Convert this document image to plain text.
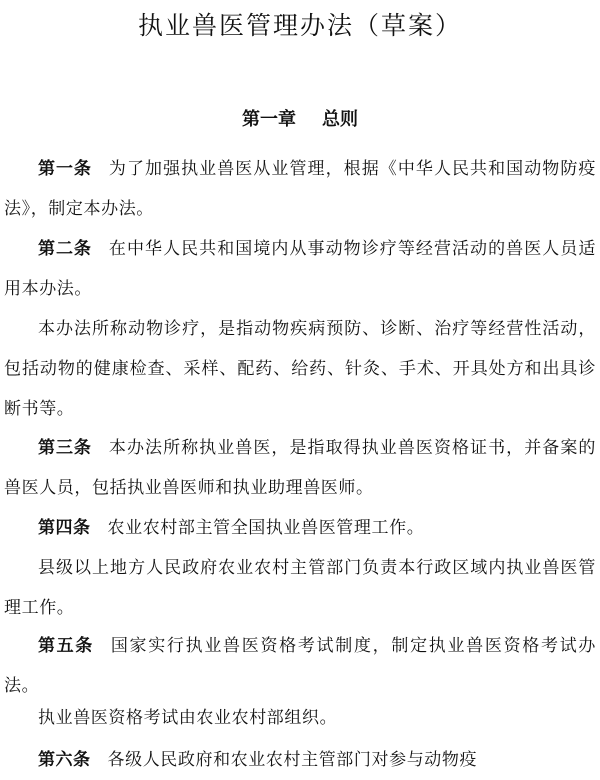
执业兽医管理办法（草案）
第一章 总则

第一条 为了加强执业兽医从业管理，根据《中华人民共和国动物防疫法》，制定本办法。

第二条 在中华人民共和国境内从事动物诊疗等经营活动的兽医人员适用本办法。

本办法所称动物诊疗，是指动物疾病预防、诊断、治疗等经营性活动，包括动物的健康检查、采样、配药、给药、针灸、手术、开具处方和出具诊断书等。

第三条 本办法所称执业兽医，是指取得执业兽医资格证书，并备案的兽医人员，包括执业兽医师和执业助理兽医师。

第四条 农业农村部主管全国执业兽医管理工作。

县级以上地方人民政府农业农村主管部门负责本行政区域内执业兽医管理工作。

第五条 国家实行执业兽医资格考试制度，制定执业兽医资格考试办法。

执业兽医资格考试由农业农村部组织。

第六条 各级人民政府和农业农村主管部门对参与动物疫
